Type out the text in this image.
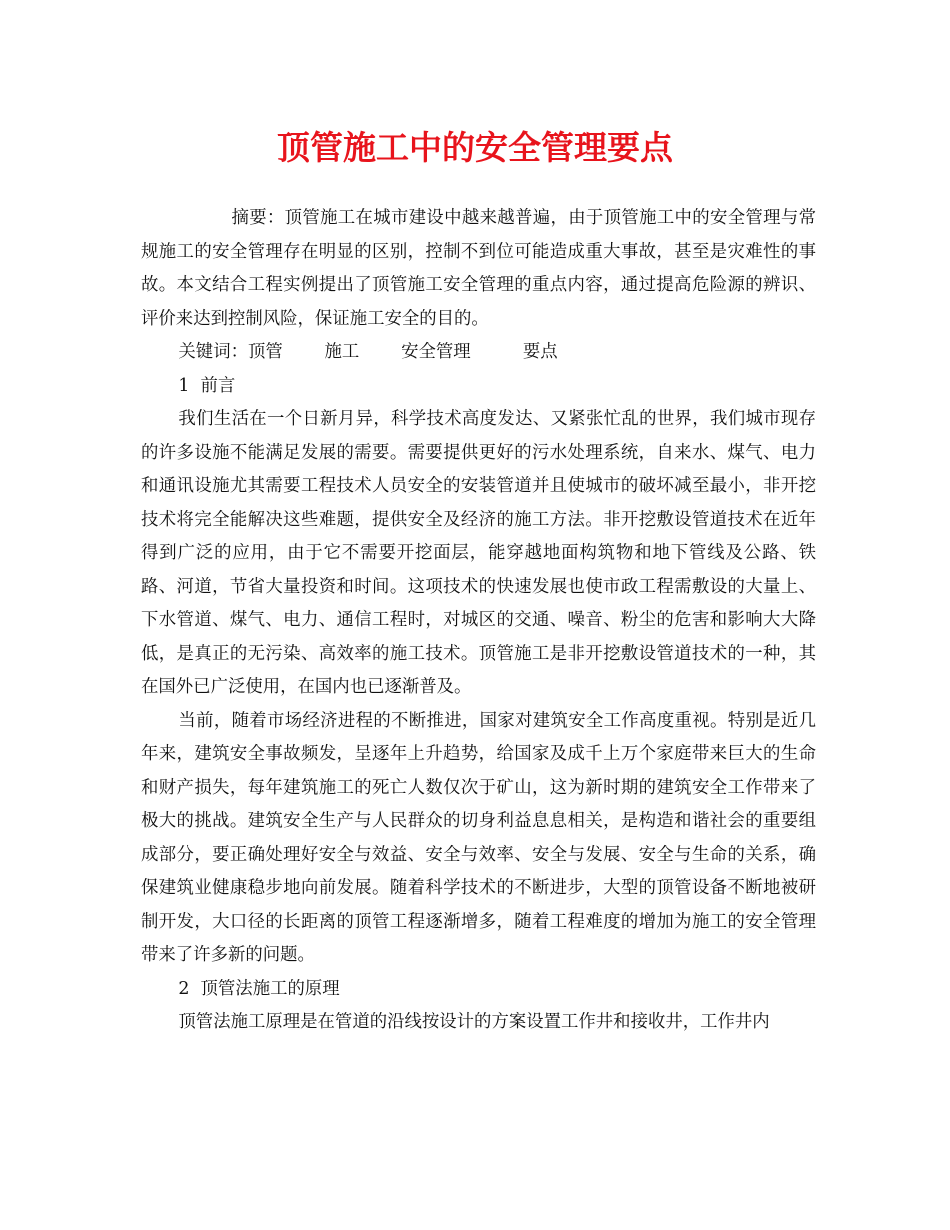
顶管施工中的安全管理要点

摘要：顶管施工在城市建设中越来越普遍，由于顶管施工中的安全管理与常规施工的安全管理存在明显的区别，控制不到位可能造成重大事故，甚至是灾难性的事故。本文结合工程实例提出了顶管施工安全管理的重点内容，通过提高危险源的辨识、评价来达到控制风险，保证施工安全的目的。

关键词：顶管 施工 安全管理	要点

1  前言

我们生活在一个日新月异，科学技术高度发达、又紧张忙乱的世界，我们城市现存的许多设施不能满足发展的需要。需要提供更好的污水处理系统，自来水、煤气、电力和通讯设施尤其需要工程技术人员安全的安装管道并且使城市的破坏减至最小，非开挖技术将完全能解决这些难题，提供安全及经济的施工方法。非开挖敷设管道技术在近年得到广泛的应用，由于它不需要开挖面层，能穿越地面构筑物和地下管线及公路、铁路、河道，节省大量投资和时间。这项技术的快速发展也使市政工程需敷设的大量上、下水管道、煤气、电力、通信工程时，对城区的交通、噪音、粉尘的危害和影响大大降低，是真正的无污染、高效率的施工技术。顶管施工是非开挖敷设管道技术的一种，其在国外已广泛使用，在国内也已逐渐普及。

当前，随着市场经济进程的不断推进，国家对建筑安全工作高度重视。特别是近几年来，建筑安全事故频发，呈逐年上升趋势，给国家及成千上万个家庭带来巨大的生命和财产损失，每年建筑施工的死亡人数仅次于矿山，这为新时期的建筑安全工作带来了极大的挑战。建筑安全生产与人民群众的切身利益息息相关，是构造和谐社会的重要组成部分，要正确处理好安全与效益、安全与效率、安全与发展、安全与生命的关系，确保建筑业健康稳步地向前发展。随着科学技术的不断进步，大型的顶管设备不断地被研制开发，大口径的长距离的顶管工程逐渐增多，随着工程难度的增加为施工的安全管理带来了许多新的问题。

2  顶管法施工的原理

顶管法施工原理是在管道的沿线按设计的方案设置工作井和接收井，工作井内
